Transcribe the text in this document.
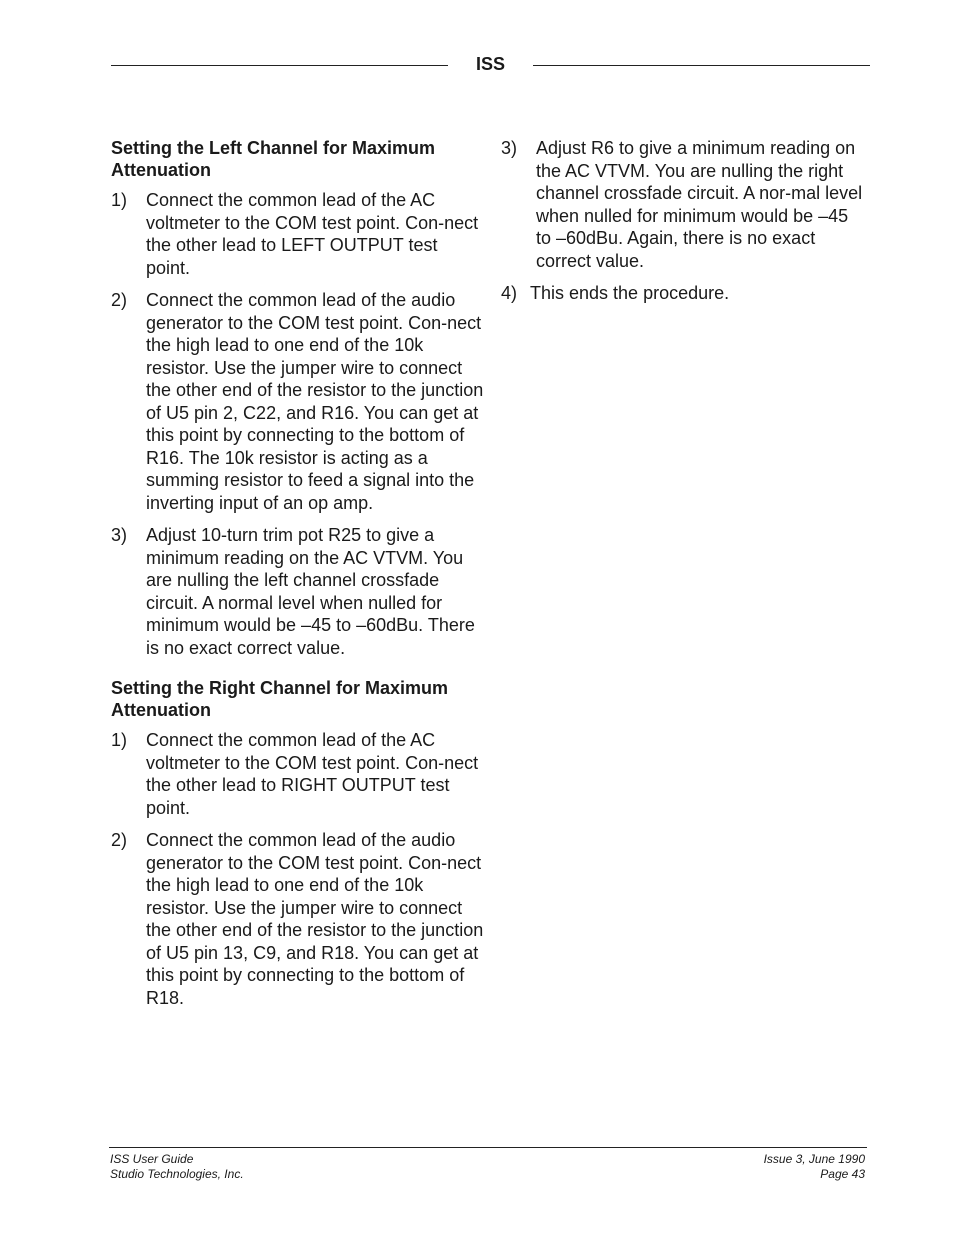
ISS
Setting the Left Channel for Maximum Attenuation
1) Connect the common lead of the AC voltmeter to the COM test point. Con-nect the other lead to LEFT OUTPUT test point.
2) Connect the common lead of the audio generator to the COM test point. Con-nect the high lead to one end of the 10k resistor. Use the jumper wire to connect the other end of the resistor to the junction of U5 pin 2, C22, and R16. You can get at this point by connecting to the bottom of R16. The 10k resistor is acting as a summing resistor to feed a signal into the inverting input of an op amp.
3) Adjust 10-turn trim pot R25 to give a minimum reading on the AC VTVM. You are nulling the left channel crossfade circuit. A normal level when nulled for minimum would be –45 to –60dBu. There is no exact correct value.
Setting the Right Channel for Maximum Attenuation
1) Connect the common lead of the AC voltmeter to the COM test point. Con-nect the other lead to RIGHT OUTPUT test point.
2) Connect the common lead of the audio generator to the COM test point. Con-nect the high lead to one end of the 10k resistor. Use the jumper wire to connect the other end of the resistor to the junction of U5 pin 13, C9, and R18. You can get at this point by connecting to the bottom of R18.
3) Adjust R6 to give a minimum reading on the AC VTVM. You are nulling the right channel crossfade circuit. A nor-mal level when nulled for minimum would be –45 to –60dBu. Again, there is no exact correct value.
4) This ends the procedure.
ISS User Guide
Studio Technologies, Inc.
Issue 3, June 1990
Page 43
